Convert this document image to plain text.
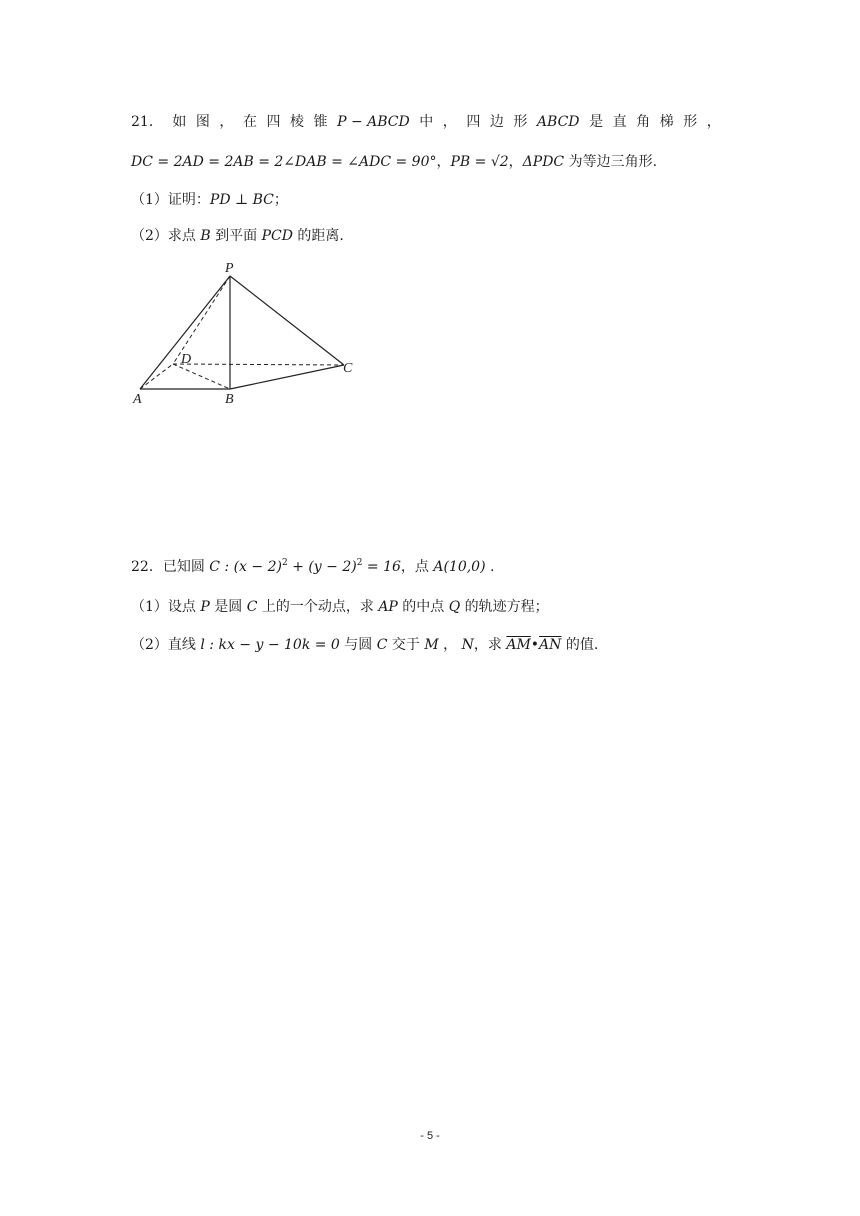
21． 如 图 ， 在 四 棱 锥 P − ABCD 中 ， 四 边 形 ABCD 是 直 角 梯 形 ，
DC = 2AD = 2AB = 2∠DAB = ∠ADC = 90°，PB = √2，ΔPDC 为等边三角形.
（1）证明：PD ⊥ BC；
（2）求点 B 到平面 PCD 的距离.
P
D
C
A	B
22．已知圆 C : $(x - 2)^2 + (y - 2)^2 = 16$，点 A(10,0) .
（1）设点 P 是圆 C 上的一个动点，求 AP 的中点 Q 的轨迹方程；
（2）直线 l : kx − y − 10k = 0 与圆 C 交于 M ， N，求 $\overline{AM}•\overline{AN}$ 的值.
- 5 -
